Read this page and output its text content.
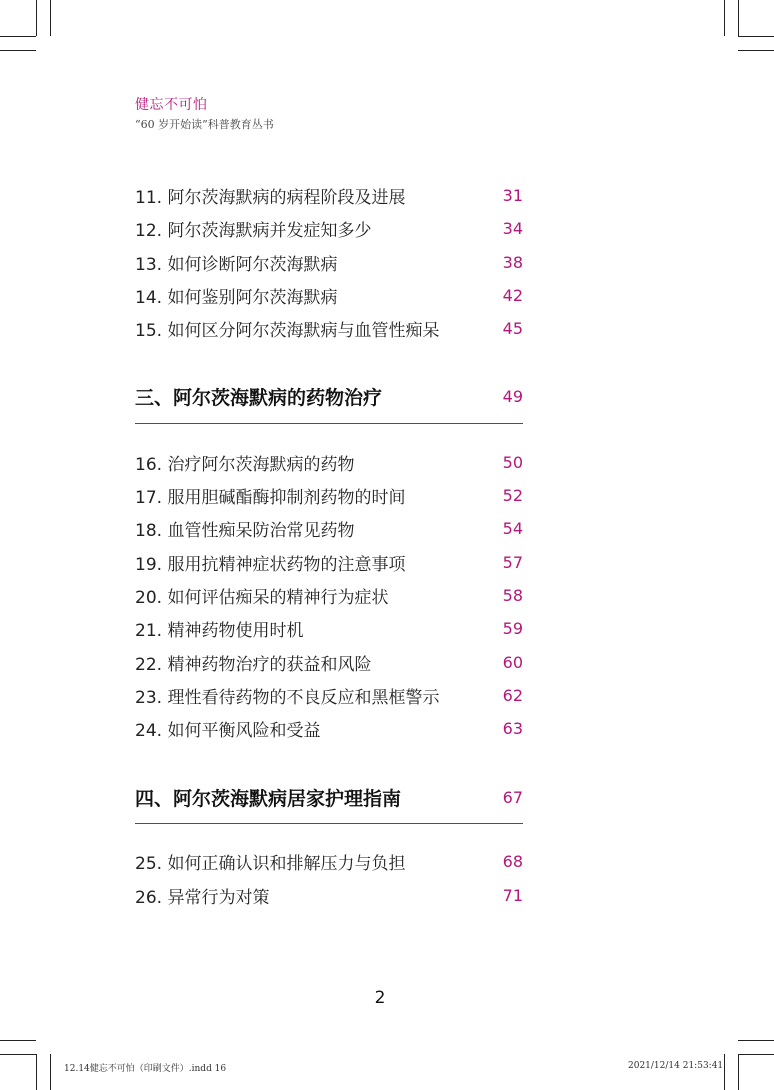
健忘不可怕
“60 岁开始读”科普教育丛书
11. 阿尔茨海默病的病程阶段及进展	31
12. 阿尔茨海默病并发症知多少	34
13. 如何诊断阿尔茨海默病	38
14. 如何鉴别阿尔茨海默病	42
15. 如何区分阿尔茨海默病与血管性痴呆	45
三、阿尔茨海默病的药物治疗	49
16. 治疗阿尔茨海默病的药物	50
17. 服用胆碱酯酶抑制剂药物的时间	52
18. 血管性痴呆防治常见药物	54
19. 服用抗精神症状药物的注意事项	57
20. 如何评估痴呆的精神行为症状	58
21. 精神药物使用时机	59
22. 精神药物治疗的获益和风险	60
23. 理性看待药物的不良反应和黑框警示	62
24. 如何平衡风险和受益	63
四、阿尔茨海默病居家护理指南	67
25. 如何正确认识和排解压力与负担	68
26. 异常行为对策	71
2
12.14健忘不可怕（印刷文件）.indd 16	2021/12/14 21:53:41
